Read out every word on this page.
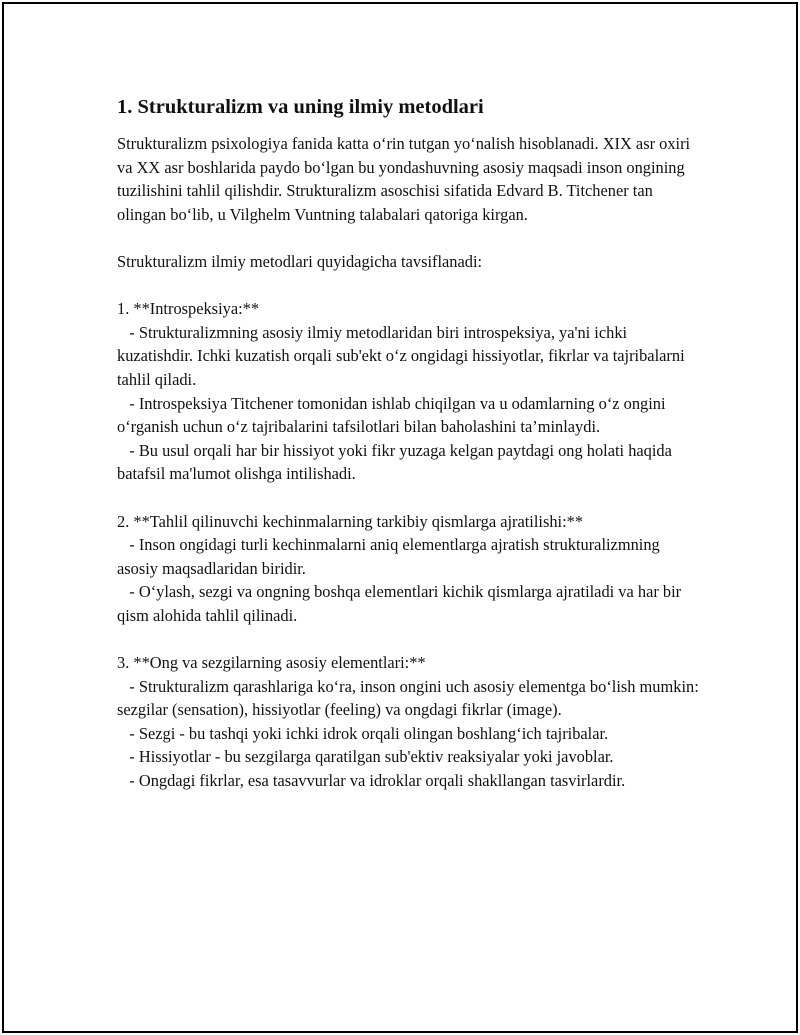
1. Strukturalizm va uning ilmiy metodlari

Strukturalizm psixologiya fanida katta o‘rin tutgan yo‘nalish hisoblanadi. XIX asr oxiri va XX asr boshlarida paydo bo‘lgan bu yondashuvning asosiy maqsadi inson ongining tuzilishini tahlil qilishdir. Strukturalizm asoschisi sifatida Edvard B. Titchener tan olingan bo‘lib, u Vilghelm Vuntning talabalari qatoriga kirgan.

Strukturalizm ilmiy metodlari quyidagicha tavsiflanadi:

1. **Introspeksiya:**

- Strukturalizmning asosiy ilmiy metodlaridan biri introspeksiya, ya'ni ichki kuzatishdir. Ichki kuzatish orqali sub'ekt o‘z ongidagi hissiyotlar, fikrlar va tajribalarni tahlil qiladi.

- Introspeksiya Titchener tomonidan ishlab chiqilgan va u odamlarning o‘z ongini o‘rganish uchun o‘z tajribalarini tafsilotlari bilan baholashini ta’minlaydi.

- Bu usul orqali har bir hissiyot yoki fikr yuzaga kelgan paytdagi ong holati haqida batafsil ma'lumot olishga intilishadi.

2. **Tahlil qilinuvchi kechinmalarning tarkibiy qismlarga ajratilishi:**

- Inson ongidagi turli kechinmalarni aniq elementlarga ajratish strukturalizmning asosiy maqsadlaridan biridir.

- O‘ylash, sezgi va ongning boshqa elementlari kichik qismlarga ajratiladi va har bir qism alohida tahlil qilinadi.

3. **Ong va sezgilarning asosiy elementlari:**

- Strukturalizm qarashlariga ko‘ra, inson ongini uch asosiy elementga bo‘lish mumkin: sezgilar (sensation), hissiyotlar (feeling) va ongdagi fikrlar (image).

- Sezgi - bu tashqi yoki ichki idrok orqali olingan boshlang‘ich tajribalar.

- Hissiyotlar - bu sezgilarga qaratilgan sub'ektiv reaksiyalar yoki javoblar.

- Ongdagi fikrlar, esa tasavvurlar va idroklar orqali shakllangan tasvirlardir.
